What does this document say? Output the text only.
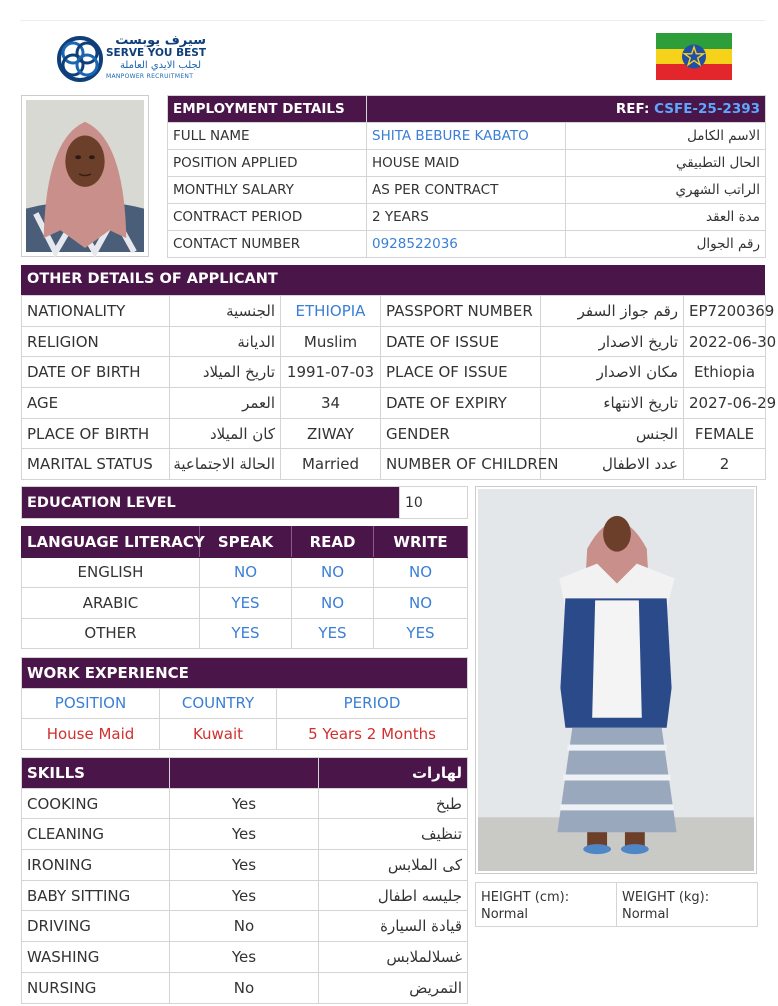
سيرف يوبست
SERVE YOU BEST
لجلب الايدي العاملة
MANPOWER RECRUITMENT
EMPLOYMENT DETAILS	REF: CSFE-25-2393	
FULL NAME	SHITA BEBURE KABATO	الاسم الكامل
POSITION APPLIED	HOUSE MAID	الحال التطبيقي
MONTHLY SALARY	AS PER CONTRACT	الراتب الشهري
CONTRACT PERIOD	2 YEARS	مدة العقد
CONTACT NUMBER	0928522036	رقم الجوال
OTHER DETAILS OF APPLICANT
NATIONALITY	الجنسية	ETHIOPIA	PASSPORT NUMBER	رقم جواز السفر	EP7200369
RELIGION	الديانة	Muslim	DATE OF ISSUE	تاريخ الاصدار	2022-06-30
DATE OF BIRTH	تاريخ الميلاد	1991-07-03	PLACE OF ISSUE	مكان الاصدار	Ethiopia
AGE	العمر	34	DATE OF EXPIRY	تاريخ الانتهاء	2027-06-29
PLACE OF BIRTH	كان الميلاد	ZIWAY	GENDER	الجنس	FEMALE
MARITAL STATUS	الحالة الاجتماعية	Married	NUMBER OF CHILDREN	عدد الاطفال	2
EDUCATION LEVEL	10
LANGUAGE LITERACY	SPEAK	READ	WRITE
ENGLISH	NO	NO	NO
ARABIC	YES	NO	NO
OTHER	YES	YES	YES
WORK EXPERIENCE		
POSITION	COUNTRY	PERIOD
House Maid	Kuwait	5 Years 2 Months
SKILLS		لهارات
COOKING	Yes	طبخ
CLEANING	Yes	تنظيف
IRONING	Yes	كى الملابس
BABY SITTING	Yes	جليسه اطفال
DRIVING	No	قيادة السيارة
WASHING	Yes	غسلالملابس
NURSING	No	التمريض
HEIGHT (cm):
Normal

WEIGHT (kg):
Normal
